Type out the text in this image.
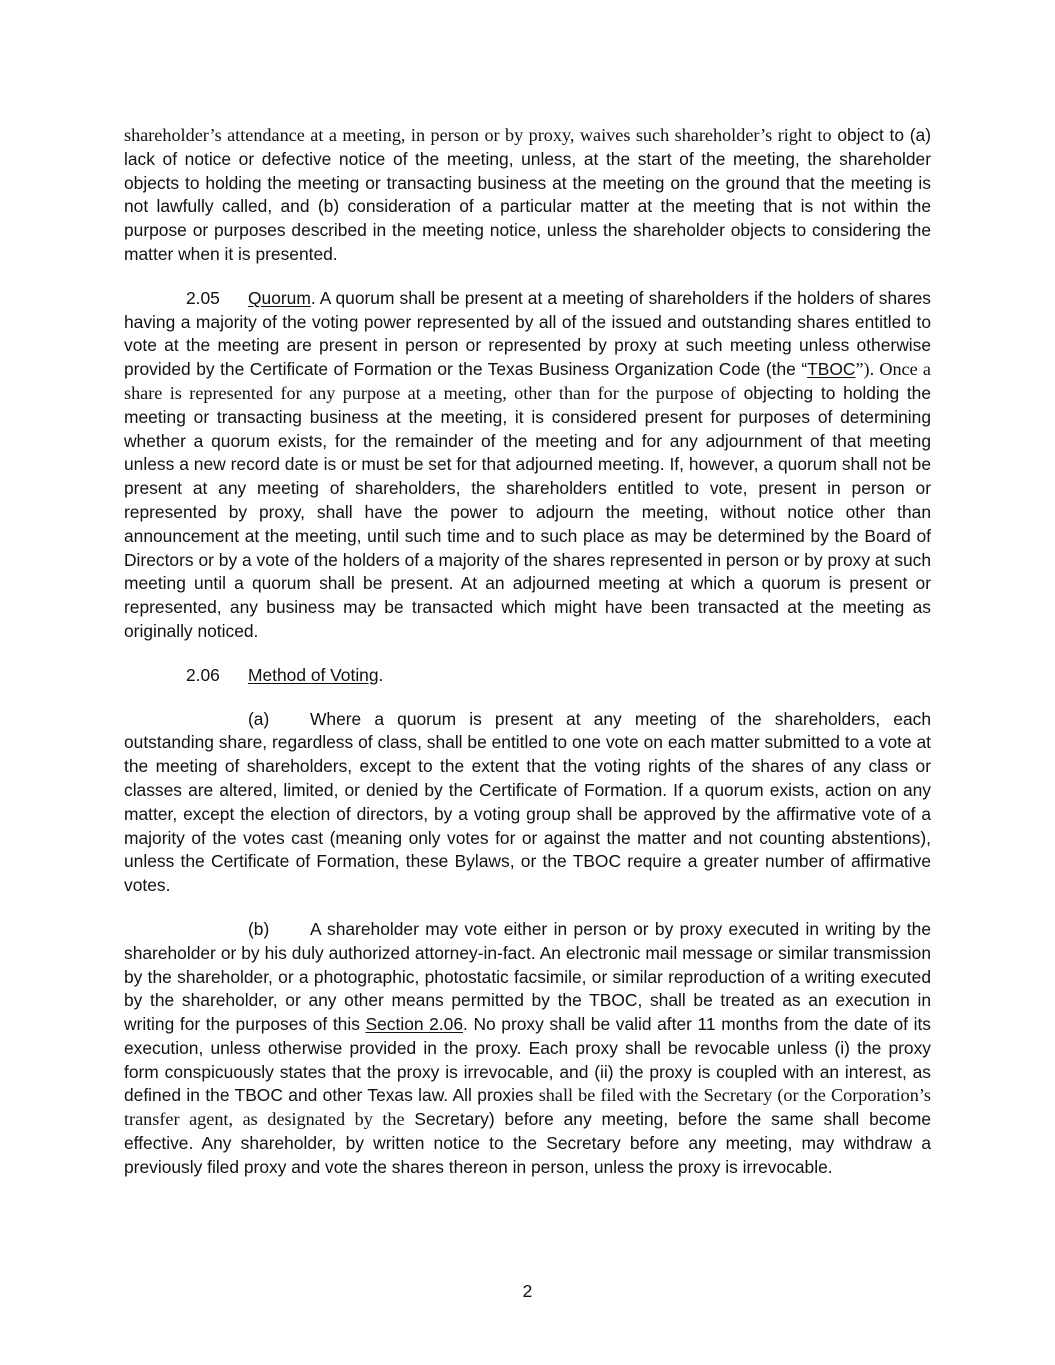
shareholder’s attendance at a meeting, in person or by proxy, waives such shareholder’s right to object to (a) lack of notice or defective notice of the meeting, unless, at the start of the meeting, the shareholder objects to holding the meeting or transacting business at the meeting on the ground that the meeting is not lawfully called, and (b) consideration of a particular matter at the meeting that is not within the purpose or purposes described in the meeting notice, unless the shareholder objects to considering the matter when it is presented.

2.05 Quorum. A quorum shall be present at a meeting of shareholders if the holders of shares having a majority of the voting power represented by all of the issued and outstanding shares entitled to vote at the meeting are present in person or represented by proxy at such meeting unless otherwise provided by the Certificate of Formation or the Texas Business Organization Code (the “TBOC”). Once a share is represented for any purpose at a meeting, other than for the purpose of objecting to holding the meeting or transacting business at the meeting, it is considered present for purposes of determining whether a quorum exists, for the remainder of the meeting and for any adjournment of that meeting unless a new record date is or must be set for that adjourned meeting. If, however, a quorum shall not be present at any meeting of shareholders, the shareholders entitled to vote, present in person or represented by proxy, shall have the power to adjourn the meeting, without notice other than announcement at the meeting, until such time and to such place as may be determined by the Board of Directors or by a vote of the holders of a majority of the shares represented in person or by proxy at such meeting until a quorum shall be present. At an adjourned meeting at which a quorum is present or represented, any business may be transacted which might have been transacted at the meeting as originally noticed.

2.06 Method of Voting.

(a) Where a quorum is present at any meeting of the shareholders, each outstanding share, regardless of class, shall be entitled to one vote on each matter submitted to a vote at the meeting of shareholders, except to the extent that the voting rights of the shares of any class or classes are altered, limited, or denied by the Certificate of Formation. If a quorum exists, action on any matter, except the election of directors, by a voting group shall be approved by the affirmative vote of a majority of the votes cast (meaning only votes for or against the matter and not counting abstentions), unless the Certificate of Formation, these Bylaws, or the TBOC require a greater number of affirmative votes.

(b) A shareholder may vote either in person or by proxy executed in writing by the shareholder or by his duly authorized attorney-in-fact. An electronic mail message or similar transmission by the shareholder, or a photographic, photostatic facsimile, or similar reproduction of a writing executed by the shareholder, or any other means permitted by the TBOC, shall be treated as an execution in writing for the purposes of this Section 2.06. No proxy shall be valid after 11 months from the date of its execution, unless otherwise provided in the proxy. Each proxy shall be revocable unless (i) the proxy form conspicuously states that the proxy is irrevocable, and (ii) the proxy is coupled with an interest, as defined in the TBOC and other Texas law. All proxies shall be filed with the Secretary (or the Corporation’s transfer agent, as designated by the Secretary) before any meeting, before the same shall become effective. Any shareholder, by written notice to the Secretary before any meeting, may withdraw a previously filed proxy and vote the shares thereon in person, unless the proxy is irrevocable.

2
